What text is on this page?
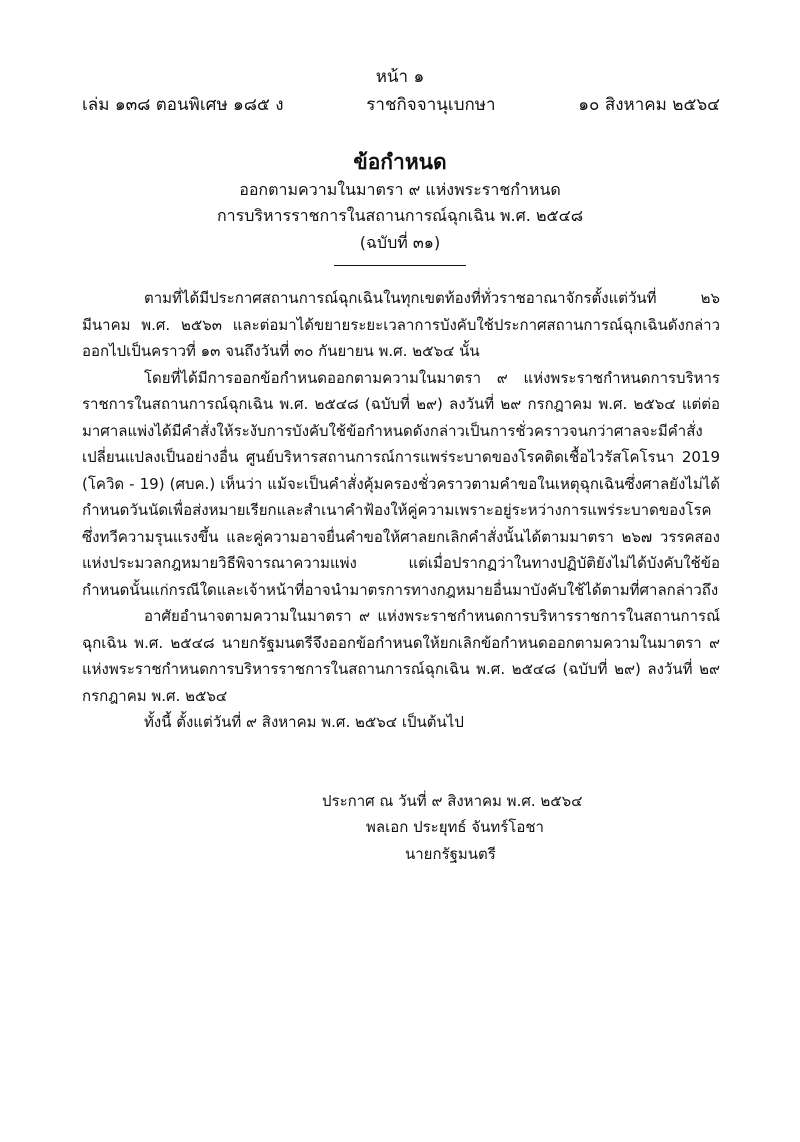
หน้า ๑
เล่ม ๑๓๘ ตอนพิเศษ ๑๘๕ ง	ราชกิจจานุเบกษา	๑๐ สิงหาคม ๒๕๖๔
ข้อกำหนด
ออกตามความในมาตรา ๙ แห่งพระราชกำหนด
การบริหารราชการในสถานการณ์ฉุกเฉิน พ.ศ. ๒๕๔๘
(ฉบับที่ ๓๑)

ตามที่ได้มีประกาศสถานการณ์ฉุกเฉินในทุกเขตท้องที่ทั่วราชอาณาจักรตั้งแต่วันที่ ๒๖ มีนาคม พ.ศ. ๒๕๖๓ และต่อมาได้ขยายระยะเวลาการบังคับใช้ประกาศสถานการณ์ฉุกเฉินดังกล่าวออกไปเป็นคราวที่ ๑๓ จนถึงวันที่ ๓๐ กันยายน พ.ศ. ๒๕๖๔ นั้น

โดยที่ได้มีการออกข้อกำหนดออกตามความในมาตรา ๙ แห่งพระราชกำหนดการบริหารราชการในสถานการณ์ฉุกเฉิน พ.ศ. ๒๕๔๘ (ฉบับที่ ๒๙) ลงวันที่ ๒๙ กรกฎาคม พ.ศ. ๒๕๖๔ แต่ต่อมาศาลแพ่งได้มีคำสั่งให้ระงับการบังคับใช้ข้อกำหนดดังกล่าวเป็นการชั่วคราวจนกว่าศาลจะมีคำสั่งเปลี่ยนแปลงเป็นอย่างอื่น ศูนย์บริหารสถานการณ์การแพร่ระบาดของโรคติดเชื้อไวรัสโคโรนา 2019 (โควิด - 19) (ศบค.) เห็นว่า แม้จะเป็นคำสั่งคุ้มครองชั่วคราวตามคำขอในเหตุฉุกเฉินซึ่งศาลยังไม่ได้กำหนดวันนัดเพื่อส่งหมายเรียกและสำเนาคำฟ้องให้คู่ความเพราะอยู่ระหว่างการแพร่ระบาดของโรคซึ่งทวีความรุนแรงขึ้น และคู่ความอาจยื่นคำขอให้ศาลยกเลิกคำสั่งนั้นได้ตามมาตรา ๒๖๗ วรรคสอง แห่งประมวลกฎหมายวิธีพิจารณาความแพ่ง แต่เมื่อปรากฏว่าในทางปฏิบัติยังไม่ได้บังคับใช้ข้อกำหนดนั้นแก่กรณีใดและเจ้าหน้าที่อาจนำมาตรการทางกฎหมายอื่นมาบังคับใช้ได้ตามที่ศาลกล่าวถึง

อาศัยอำนาจตามความในมาตรา ๙ แห่งพระราชกำหนดการบริหารราชการในสถานการณ์ฉุกเฉิน พ.ศ. ๒๕๔๘ นายกรัฐมนตรีจึงออกข้อกำหนดให้ยกเลิกข้อกำหนดออกตามความในมาตรา ๙ แห่งพระราชกำหนดการบริหารราชการในสถานการณ์ฉุกเฉิน พ.ศ. ๒๕๔๘ (ฉบับที่ ๒๙) ลงวันที่ ๒๙ กรกฎาคม พ.ศ. ๒๕๖๔

ทั้งนี้ ตั้งแต่วันที่ ๙ สิงหาคม พ.ศ. ๒๕๖๔ เป็นต้นไป

ประกาศ ณ วันที่ ๙ สิงหาคม พ.ศ. ๒๕๖๔
พลเอก ประยุทธ์ จันทร์โอชา
นายกรัฐมนตรี
